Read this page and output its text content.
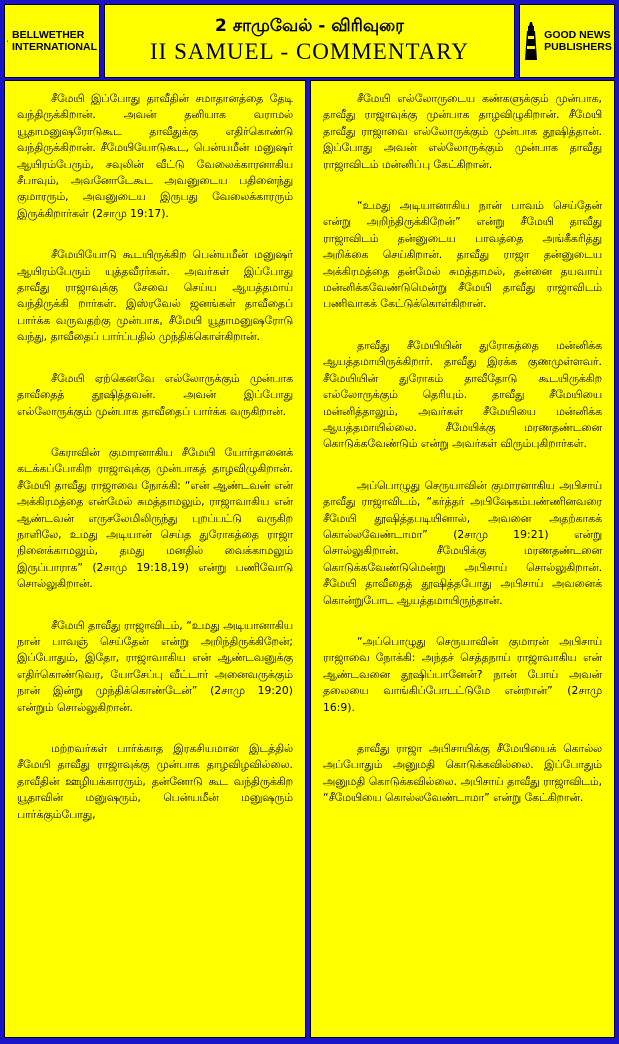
BELLWETHER
INTERNATIONAL
2 சாமுவேல் - விரிவுரை
II SAMUEL - COMMENTARY
GOOD NEWS
PUBLISHERS

சீமேயி இப்போது தாவீதின் சமாதானத்தை தேடி வந்திருக்கிறான். அவன் தனியாக வராமல் யூதாமனுஷரோடுகூட தாவீதுக்கு எதிர்கொண்டு வந்திருக்கிறான். சீமேயியோடுகூட, பென்யமீன் மனுஷர் ஆயிரம்பேரும், சவுலின் வீட்டு வேலைக்காரனாகிய சீபாவும், அவனோடேகூட அவனுடைய பதினைந்து குமாரரும், அவனுடைய இருபது வேலைக்காரரும் இருக்கிறார்கள் (2சாமு 19:17).

சீமேயியோடு கூடயிருக்கிற பென்யமீன் மனுஷர் ஆயிரம்பேரும் யுத்தவீரர்கள். அவர்கள் இப்போது தாவீது ராஜாவுக்கு சேவை செய்ய ஆயத்தமாய் வந்திருக்கி றார்கள். இஸ்ரவேல் ஜனங்கள் தாவீதைப் பார்க்க வருவதற்கு முன்பாக, சீமேயி யூதாமனுஷரோடு வந்து, தாவீதைப் பார்ப்பதில் முந்திக்கொள்கிறான்.

சீமேயி ஏற்கெனவே எல்லோருக்கும் முன்பாக தாவீதைத் தூஷித்தவன். அவன் இப்போது எல்லோருக்கும் முன்பாக தாவீதைப் பார்க்க வருகிறான்.

கேராவின் குமாரனாகிய சீமேயி யோர்தானைக் கடக்கப்போகிற ராஜாவுக்கு முன்பாகத் தாழவிழுகிறான். சீமேயி தாவீது ராஜாவை நோக்கி: “என் ஆண்டவன் என் அக்கிரமத்தை என்மேல் சுமத்தாமலும், ராஜாவாகிய என் ஆண்டவன் எருசலேமிலிருந்து புறப்பட்டு வருகிற நாளிலே, உமது அடியான் செய்த துரோகத்தை ராஜா நினைக்காமலும், தமது மனதில் வைக்காமலும் இருப்பாராக” (2சாமு 19:18,19) என்று பணிவோடு சொல்லுகிறான்.

சீமேயி தாவீது ராஜாவிடம், “உமது அடியானாகிய நான் பாவஞ் செய்தேன் என்று அறிந்திருக்கிறேன்; இப்போதும், இதோ, ராஜாவாகிய என் ஆண்டவனுக்கு எதிர்கொண்டுவர, யோசேப்பு வீட்டார் அனைவருக்கும் நான் இன்று முந்திக்கொண்டேன்” (2சாமு 19:20) என்றும் சொல்லுகிறான்.

மற்றவர்கள் பார்க்காத இரகசியமான இடத்தில் சீமேயி தாவீது ராஜாவுக்கு முன்பாக தாழவிழவில்லை. தாவீதின் ஊழியக்காரரும், தன்னோடு கூட வந்திருக்கிற யூதாவின் மனுஷரும், பென்யமீன் மனுஷரும் பார்க்கும்போது,

சீமேயி எல்லோருடைய கண்களுக்கும் முன்பாக, தாவீது ராஜாவுக்கு முன்பாக தாழவிழுகிறான். சீமேயி தாவீது ராஜாவை எல்லோருக்கும் முன்பாக தூஷித்தான். இப்போது அவன் எல்லோருக்கும் முன்பாக தாவீது ராஜாவிடம் மன்னிப்பு கேட்கிறான்.

“உமது அடியானாகிய நான் பாவம் செய்தேன் என்று அறிந்திருக்கிறேன்” என்று சீமேயி தாவீது ராஜாவிடம் தன்னுடைய பாவத்தை அங்கீகரித்து அறிக்கை செய்கிறான். தாவீது ராஜா தன்னுடைய அக்கிரமத்தை தன்மேல் சுமத்தாமல், தன்னை தயவாய் மன்னிக்கவேண்டுமென்று சீமேயி தாவீது ராஜாவிடம் பணிவாகக் கேட்டுக்கொள்கிறான்.

தாவீது சீமேயியின் துரோகத்தை மன்னிக்க ஆயத்தமாயிருக்கிறார். தாவீது இரக்க குணமுள்ளவர். சீமேயியின் துரோகம் தாவீதோடு கூடயிருக்கிற எல்லோருக்கும் தெரியும். தாவீது சீமேயியை மன்னித்தாலும், அவர்கள் சீமேயியை மன்னிக்க ஆயத்தமாயில்லை. சீமேயிக்கு மரணதண்டனை கொடுக்கவேண்டும் என்று அவர்கள் விரும்புகிறார்கள்.

அப்பொழுது செருயாவின் குமாரனாகிய அபிசாய் தாவீது ராஜாவிடம், “கர்த்தர் அபிஷேகம்பண்ணினவரை சீமேயி தூஷித்தபடியினால், அவனை அதற்காகக் கொல்லவேண்டாமா” (2சாமு 19:21) என்று சொல்லுகிறான். சீமேயிக்கு மரணதண்டனை கொடுக்கவேண்டுமென்று அபிசாய் சொல்லுகிறான். சீமேயி தாவீதைத் தூஷித்தபோது அபிசாய் அவனைக் கொன்றுபோட ஆயத்தமாயிருந்தான்.

“அப்பொழுது செருயாவின் குமாரன் அபிசாய் ராஜாவை நோக்கி: அந்தச் செத்தநாய் ராஜாவாகிய என் ஆண்டவனை தூஷிப்பானேன்? நான் போய் அவன் தலையை வாங்கிப்போடட்டுமே என்றான்” (2சாமு 16:9).

தாவீது ராஜா அபிசாயிக்கு சீமேயியைக் கொல்ல அப்போதும் அனுமதி கொடுக்கவில்லை. இப்போதும் அனுமதி கொடுக்கவில்லை. அபிசாய் தாவீது ராஜாவிடம், “சீமேயியை கொல்லவேண்டாமா” என்று கேட்கிறான்.
